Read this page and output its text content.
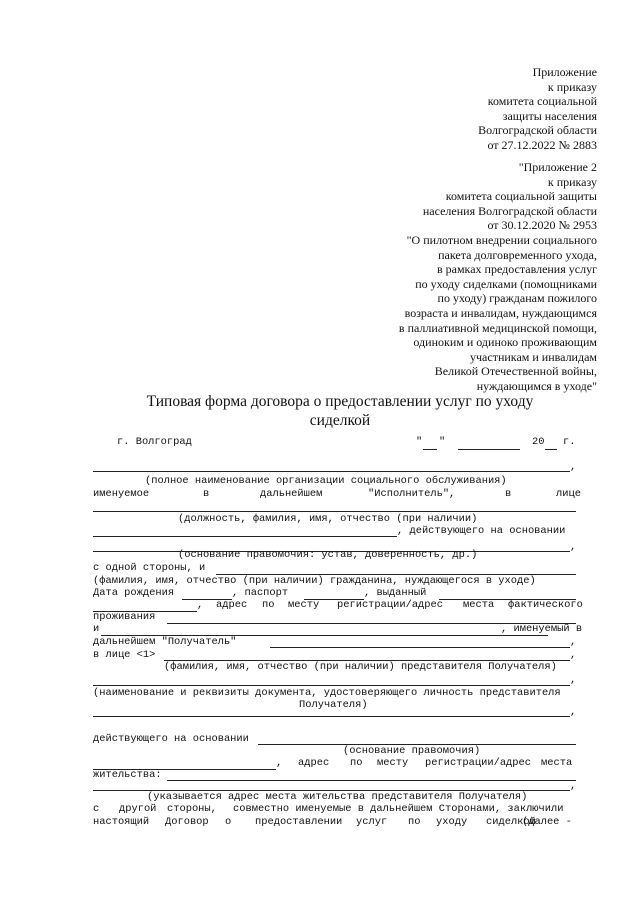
Приложение
к приказу
комитета социальной
защиты населения
Волгоградской области
от 27.12.2022 № 2883
"Приложение 2
к приказу
комитета социальной защиты
населения Волгоградской области
от 30.12.2020 № 2953
"О пилотном внедрении социального
пакета долговременного ухода,
в рамках предоставления услуг
по уходу сиделками (помощниками
по уходу) гражданам пожилого
возраста и инвалидам, нуждающимся
в паллиативной медицинской помощи,
одиноким и одиноко проживающим
участникам и инвалидам
Великой Отечественной войны,
нуждающимся в уходе"
Типовая форма договора о предоставлении услуг по уходу
сиделкой
г. Волгоград	" "	20 г.
,
(полное наименование организации социального обслуживания)
именуемое	в	дальнейшем	"Исполнитель",	в	лице
(должность, фамилия, имя, отчество (при наличии)
, действующего на основании
,
(основание правомочия: устав, доверенность, др.)
с одной стороны, и
(фамилия, имя, отчество (при наличии) гражданина, нуждающегося в уходе)
Дата рождения	, паспорт	, выданный
, адрес по месту регистрации/адрес места фактического
проживания
и	, именуемый в
дальнейшем "Получатель"	,
в лице <1>	,
(фамилия, имя, отчество (при наличии) представителя Получателя)
,
(наименование и реквизиты документа, удостоверяющего личность представителя
Получателя)
,
действующего на основании
(основание правомочия)
, адрес по месту регистрации/адрес места
жительства:
,
(указывается адрес места жительства представителя Получателя)
с другой стороны, совместно именуемые в дальнейшем Сторонами, заключили
настоящий Договор о предоставлении услуг по уходу сиделкой
(далее -
